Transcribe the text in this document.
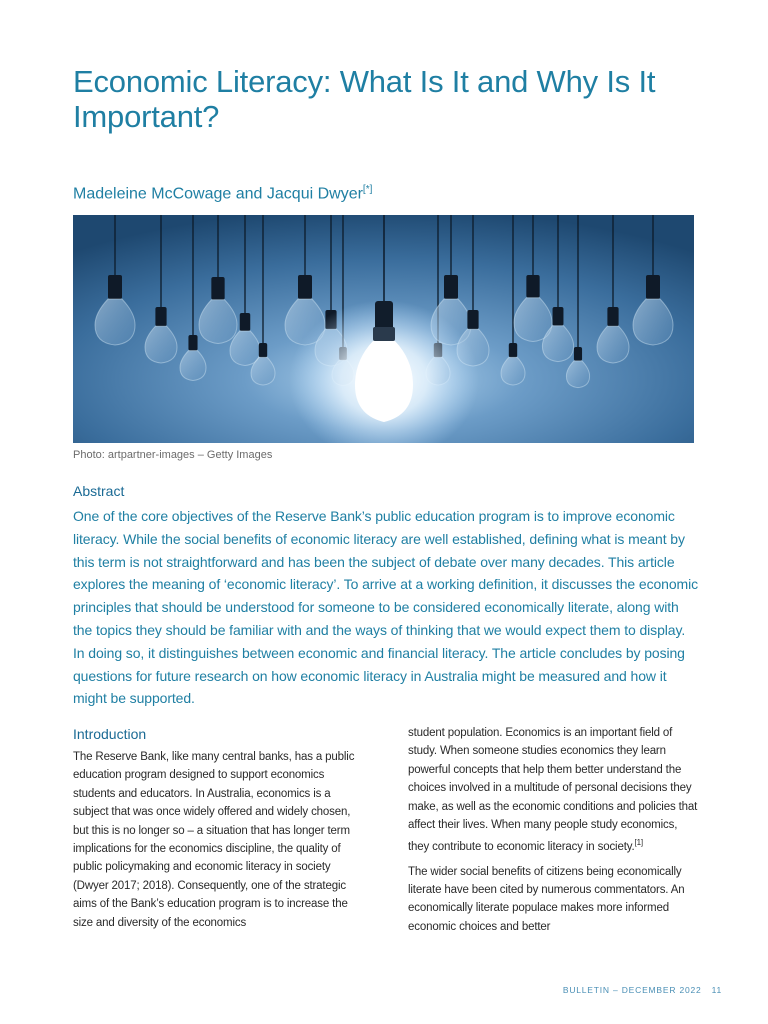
Economic Literacy: What Is It and Why Is It Important?
Madeleine McCowage and Jacqui Dwyer[*]

Photo: artpartner-images – Getty Images

Abstract

One of the core objectives of the Reserve Bank’s public education program is to improve economic literacy. While the social benefits of economic literacy are well established, defining what is meant by this term is not straightforward and has been the subject of debate over many decades. This article explores the meaning of ‘economic literacy’. To arrive at a working definition, it discusses the economic principles that should be understood for someone to be considered economically literate, along with the topics they should be familiar with and the ways of thinking that we would expect them to display. In doing so, it distinguishes between economic and financial literacy. The article concludes by posing questions for future research on how economic literacy in Australia might be measured and how it might be supported.

Introduction

The Reserve Bank, like many central banks, has a public education program designed to support economics students and educators. In Australia, economics is a subject that was once widely offered and widely chosen, but this is no longer so – a situation that has longer term implications for the economics discipline, the quality of public policymaking and economic literacy in society (Dwyer 2017; 2018). Consequently, one of the strategic aims of the Bank’s education program is to increase the size and diversity of the economics

student population. Economics is an important field of study. When someone studies economics they learn powerful concepts that help them better understand the choices involved in a multitude of personal decisions they make, as well as the economic conditions and policies that affect their lives. When many people study economics, they contribute to economic literacy in society.[1]

The wider social benefits of citizens being economically literate have been cited by numerous commentators. An economically literate populace makes more informed economic choices and better

BULLETIN – DECEMBER 2022 11
